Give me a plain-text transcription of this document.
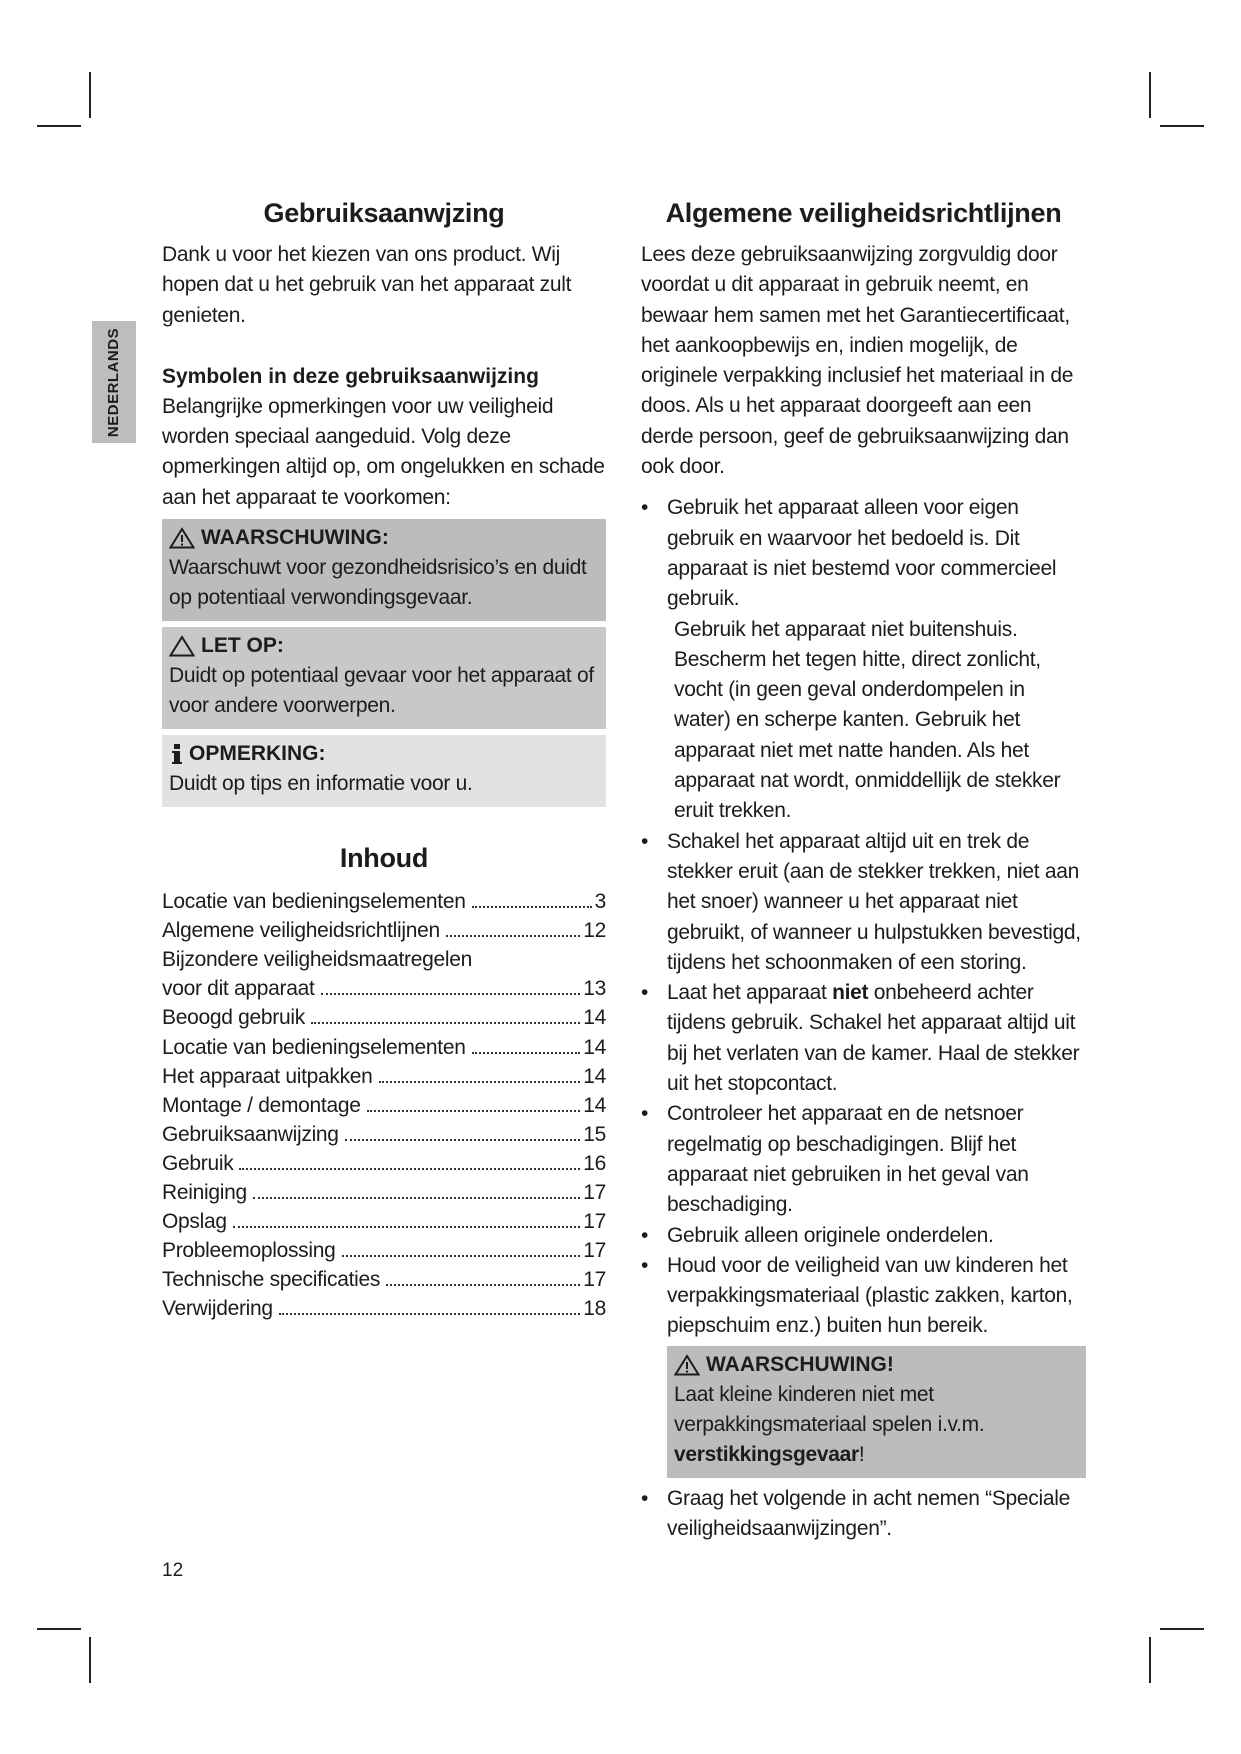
NEDERLANDS
Gebruiksaanwjzing

Dank u voor het kiezen van ons product. Wij hopen dat u het gebruik van het apparaat zult genieten.

Symbolen in deze gebruiksaanwijzing

Belangrijke opmerkingen voor uw veiligheid worden speciaal aangeduid. Volg deze opmerkingen altijd op, om ongelukken en schade aan het apparaat te voorkomen:

WAARSCHUWING:
Waarschuwt voor gezondheidsrisico’s en duidt op potentiaal verwondingsgevaar.
LET OP:
Duidt op potentiaal gevaar voor het apparaat of voor andere voorwerpen.
OPMERKING:
Duidt op tips en informatie voor u.
Inhoud
Locatie van bedieningselementen	3
Algemene veiligheidsrichtlijnen	12
Bijzondere veiligheidsmaatregelen
voor dit apparaat	13
Beoogd gebruik	14
Locatie van bedieningselementen	14
Het apparaat uitpakken	14
Montage / demontage	14
Gebruiksaanwijzing	15
Gebruik	16
Reiniging	17
Opslag	17
Probleemoplossing	17
Technische specificaties	17
Verwijdering	18
Algemene veiligheidsrichtlijnen

Lees deze gebruiksaanwijzing zorgvuldig door voordat u dit apparaat in gebruik neemt, en bewaar hem samen met het Garantiecertificaat, het aankoopbewijs en, indien mogelijk, de originele verpakking inclusief het materiaal in de doos. Als u het apparaat doorgeeft aan een derde persoon, geef de gebruiksaanwijzing dan ook door.

• Gebruik het apparaat alleen voor eigen gebruik en waarvoor het bedoeld is. Dit apparaat is niet bestemd voor commercieel gebruik.
Gebruik het apparaat niet buitenshuis. Bescherm het tegen hitte, direct zonlicht, vocht (in geen geval onderdompelen in water) en scherpe kanten. Gebruik het apparaat niet met natte handen. Als het apparaat nat wordt, onmiddellijk de stekker eruit trekken.
• Schakel het apparaat altijd uit en trek de stekker eruit (aan de stekker trekken, niet aan het snoer) wanneer u het apparaat niet gebruikt, of wanneer u hulpstukken bevestigd, tijdens het schoonmaken of een storing.
• Laat het apparaat niet onbeheerd achter tijdens gebruik. Schakel het apparaat altijd uit bij het verlaten van de kamer. Haal de stekker uit het stopcontact.
• Controleer het apparaat en de netsnoer regelmatig op beschadigingen. Blijf het apparaat niet gebruiken in het geval van beschadiging.
• Gebruik alleen originele onderdelen.
• Houd voor de veiligheid van uw kinderen het verpakkingsmateriaal (plastic zakken, karton, piepschuim enz.) buiten hun bereik.
WAARSCHUWING!
Laat kleine kinderen niet met verpakkingsmateriaal spelen i.v.m. verstikkingsgevaar!
• Graag het volgende in acht nemen “Speciale veiligheidsaanwijzingen”.
12
